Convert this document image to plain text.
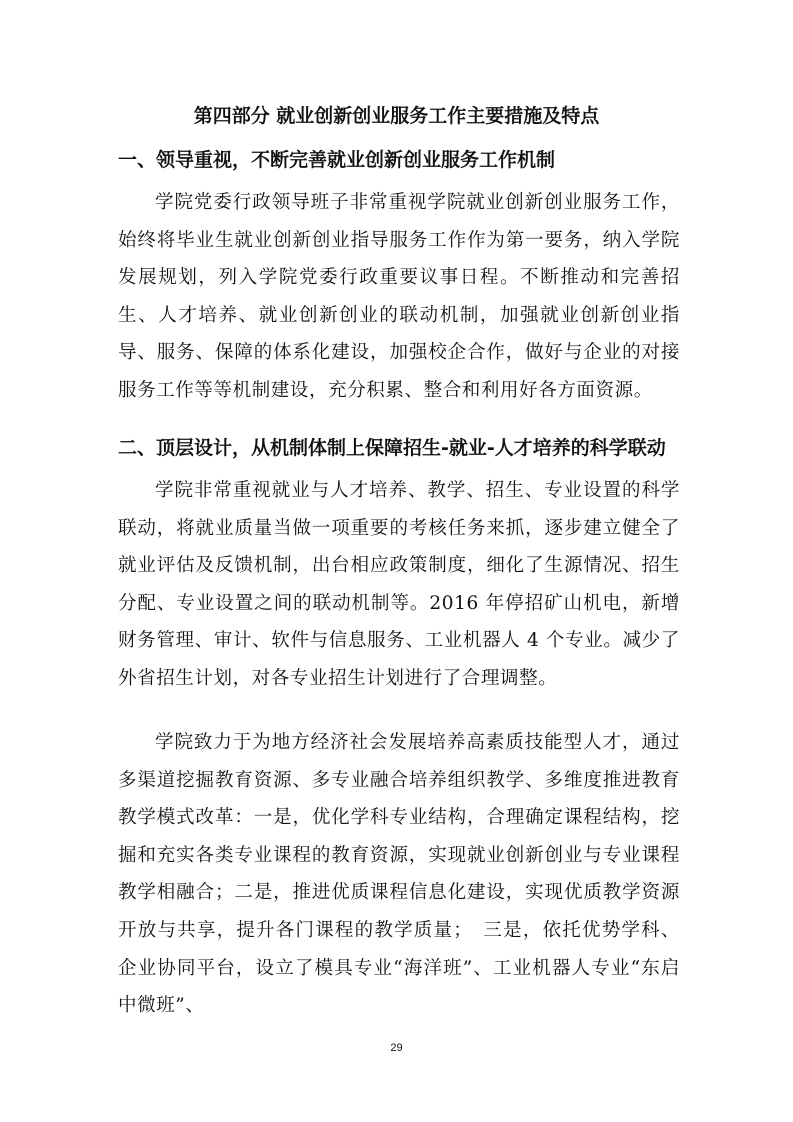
第四部分 就业创新创业服务工作主要措施及特点
一、领导重视，不断完善就业创新创业服务工作机制

学院党委行政领导班子非常重视学院就业创新创业服务工作，始终将毕业生就业创新创业指导服务工作作为第一要务，纳入学院发展规划，列入学院党委行政重要议事日程。不断推动和完善招生、人才培养、就业创新创业的联动机制，加强就业创新创业指导、服务、保障的体系化建设，加强校企合作，做好与企业的对接服务工作等等机制建设，充分积累、整合和利用好各方面资源。

二、顶层设计，从机制体制上保障招生-就业-人才培养的科学联动

学院非常重视就业与人才培养、教学、招生、专业设置的科学联动，将就业质量当做一项重要的考核任务来抓，逐步建立健全了就业评估及反馈机制，出台相应政策制度，细化了生源情况、招生分配、专业设置之间的联动机制等。2016 年停招矿山机电，新增财务管理、审计、软件与信息服务、工业机器人 4 个专业。减少了外省招生计划，对各专业招生计划进行了合理调整。

学院致力于为地方经济社会发展培养高素质技能型人才，通过多渠道挖掘教育资源、多专业融合培养组织教学、多维度推进教育教学模式改革：一是，优化学科专业结构，合理确定课程结构，挖掘和充实各类专业课程的教育资源，实现就业创新创业与专业课程教学相融合；二是，推进优质课程信息化建设，实现优质教学资源开放与共享，提升各门课程的教学质量；　三是，依托优势学科、企业协同平台，设立了模具专业“海洋班”、工业机器人专业“东启中微班”、

29
